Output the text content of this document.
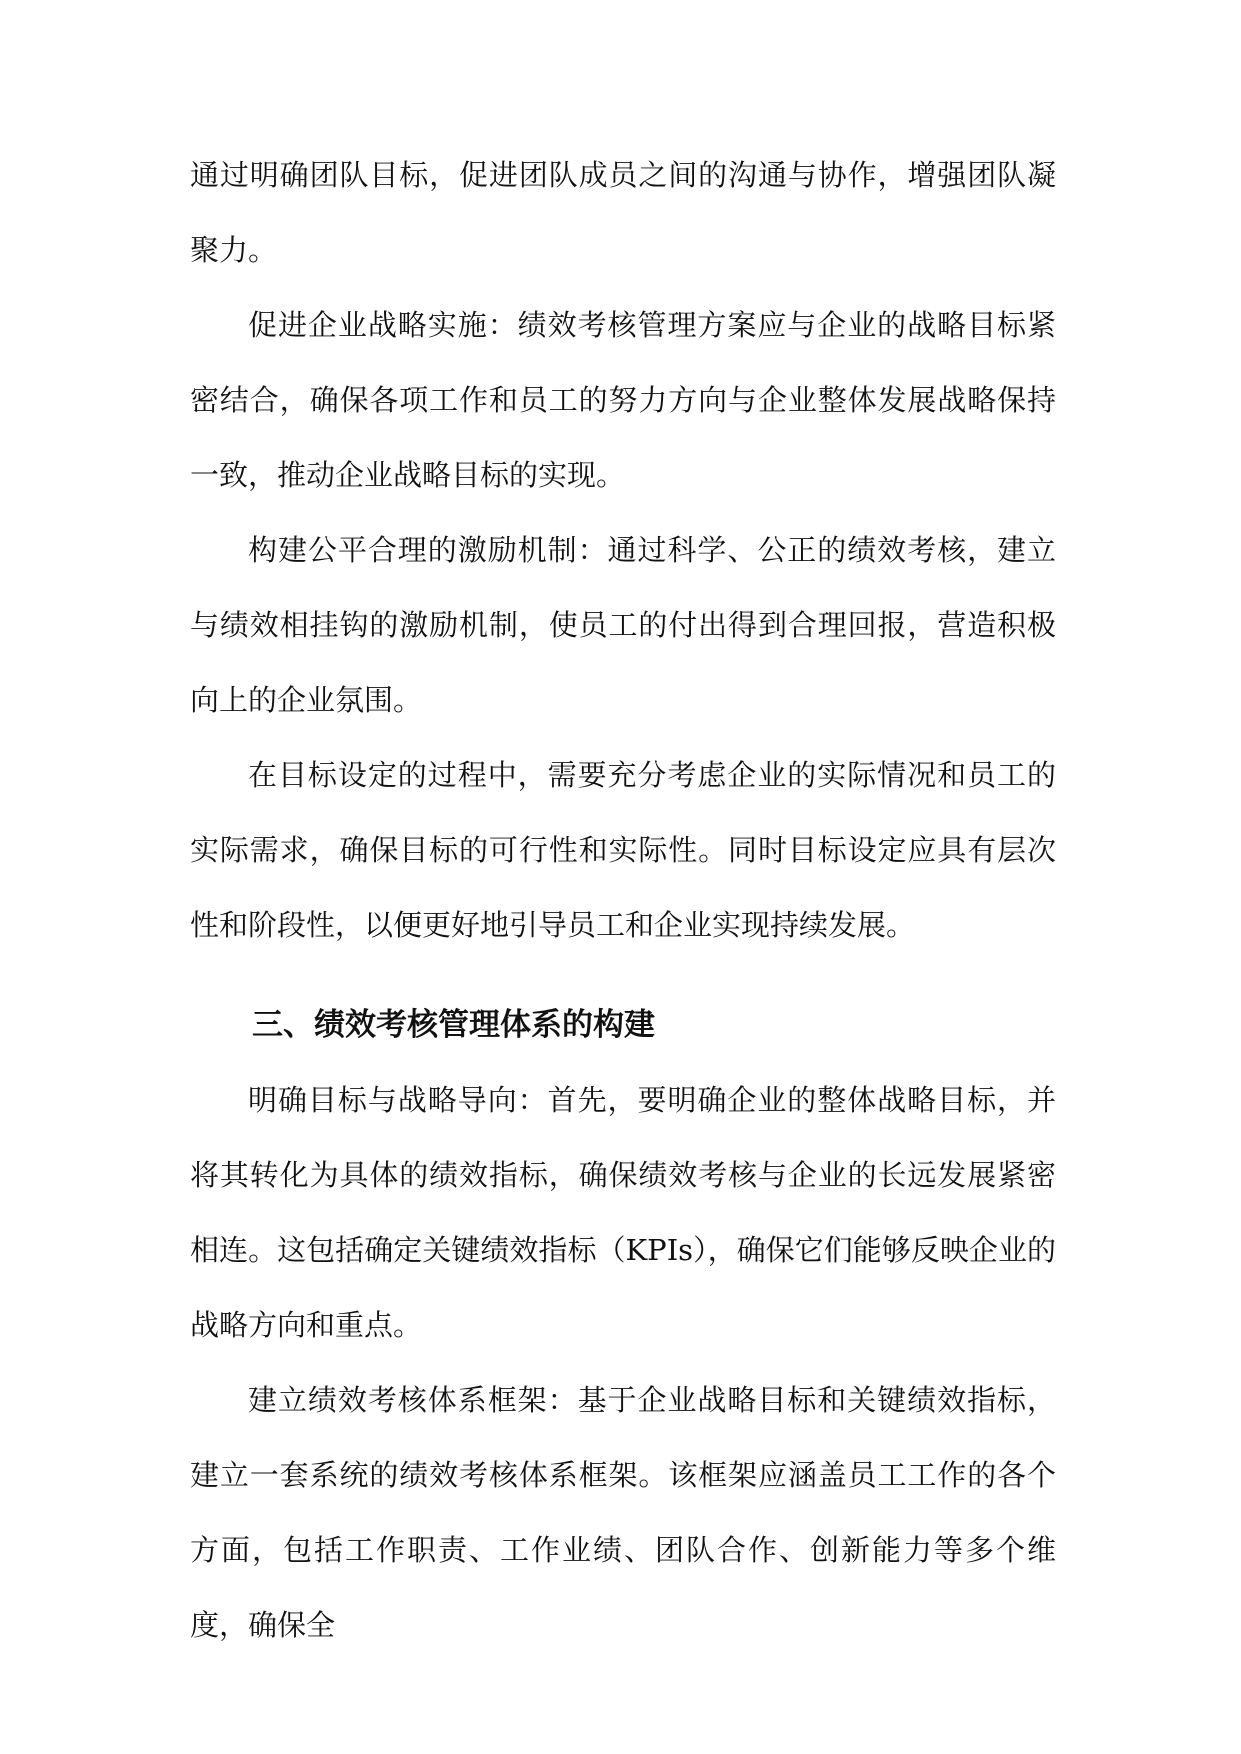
通过明确团队目标，促进团队成员之间的沟通与协作，增强团队凝聚力。

促进企业战略实施：绩效考核管理方案应与企业的战略目标紧密结合，确保各项工作和员工的努力方向与企业整体发展战略保持一致，推动企业战略目标的实现。

构建公平合理的激励机制：通过科学、公正的绩效考核，建立与绩效相挂钩的激励机制，使员工的付出得到合理回报，营造积极向上的企业氛围。

在目标设定的过程中，需要充分考虑企业的实际情况和员工的实际需求，确保目标的可行性和实际性。同时目标设定应具有层次性和阶段性，以便更好地引导员工和企业实现持续发展。

三、绩效考核管理体系的构建

明确目标与战略导向：首先，要明确企业的整体战略目标，并将其转化为具体的绩效指标，确保绩效考核与企业的长远发展紧密相连。这包括确定关键绩效指标（KPIs），确保它们能够反映企业的战略方向和重点。

建立绩效考核体系框架：基于企业战略目标和关键绩效指标，建立一套系统的绩效考核体系框架。该框架应涵盖员工工作的各个方面，包括工作职责、工作业绩、团队合作、创新能力等多个维度，确保全
